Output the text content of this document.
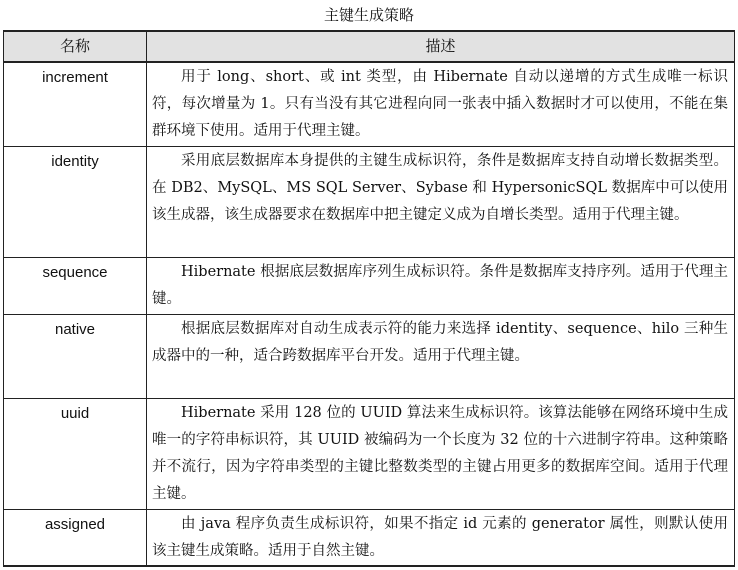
主键生成策略
名称	描述
increment	用于 long、short、或 int 类型，由 Hibernate 自动以递增的方式生成唯一标识符，每次增量为 1。只有当没有其它进程向同一张表中插入数据时才可以使用，不能在集群环境下使用。适用于代理主键。
identity	采用底层数据库本身提供的主键生成标识符，条件是数据库支持自动增长数据类型。在 DB2、MySQL、MS SQL Server、Sybase 和 HypersonicSQL 数据库中可以使用该生成器，该生成器要求在数据库中把主键定义成为自增长类型。适用于代理主键。
sequence	Hibernate 根据底层数据库序列生成标识符。条件是数据库支持序列。适用于代理主键。
native	根据底层数据库对自动生成表示符的能力来选择 identity、sequence、hilo 三种生成器中的一种，适合跨数据库平台开发。适用于代理主键。
uuid	Hibernate 采用 128 位的 UUID 算法来生成标识符。该算法能够在网络环境中生成唯一的字符串标识符，其 UUID 被编码为一个长度为 32 位的十六进制字符串。这种策略并不流行，因为字符串类型的主键比整数类型的主键占用更多的数据库空间。适用于代理主键。
assigned	由 java 程序负责生成标识符，如果不指定 id 元素的 generator 属性，则默认使用该主键生成策略。适用于自然主键。
